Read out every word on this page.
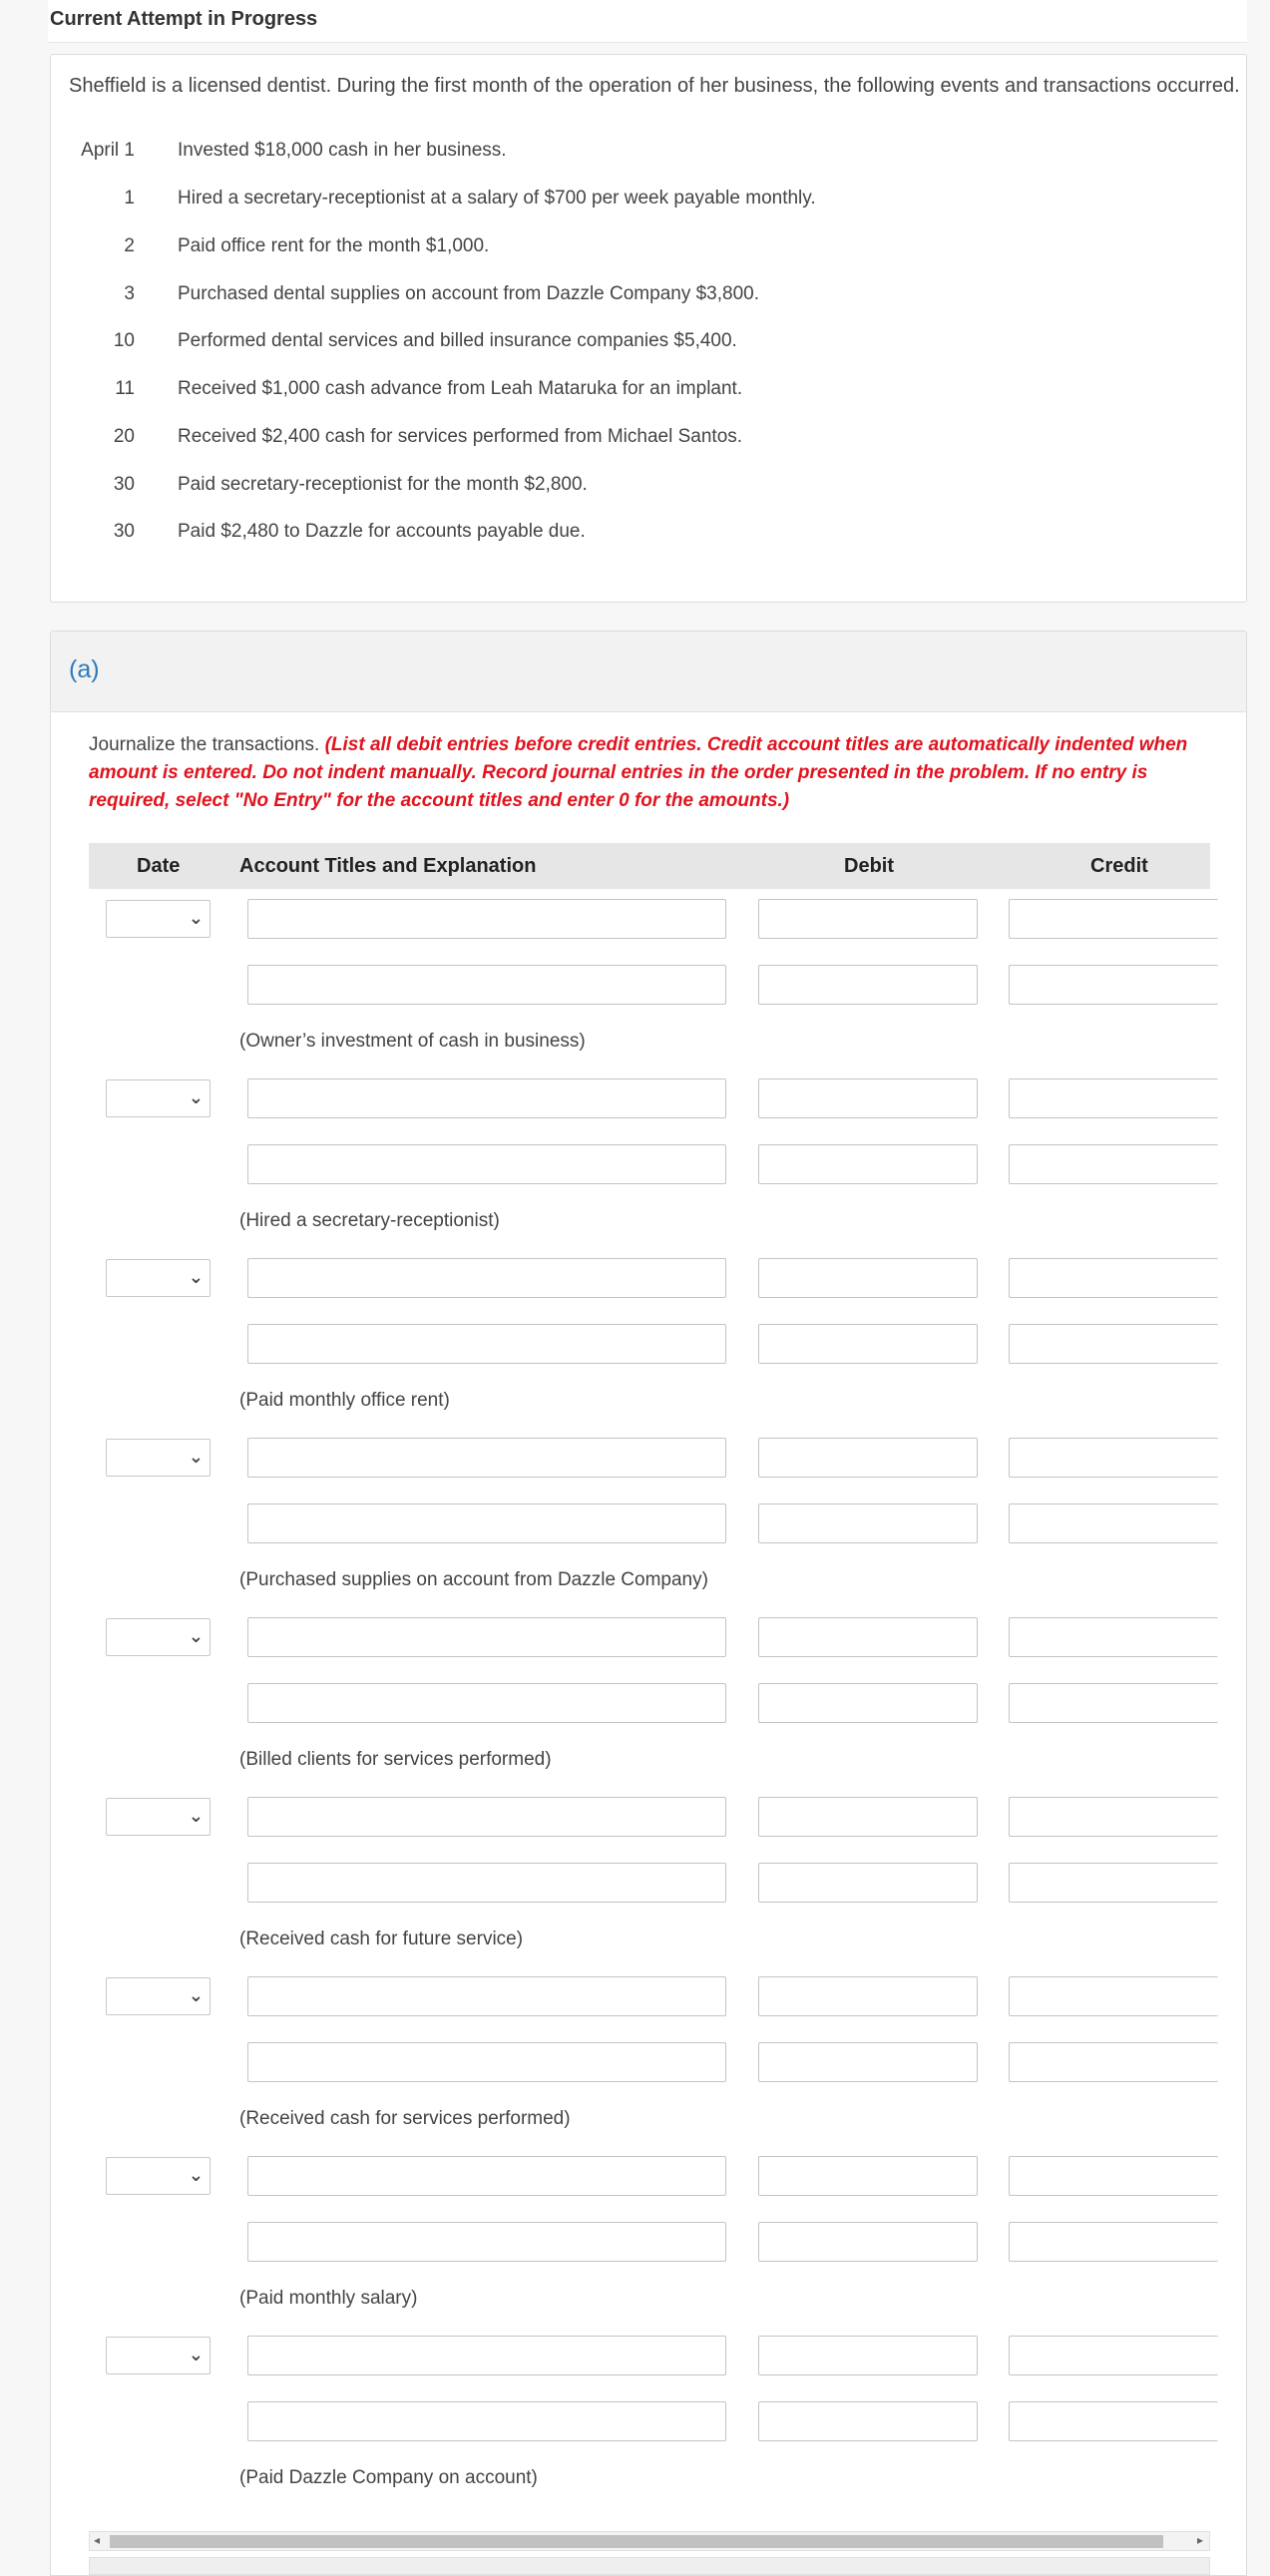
Current Attempt in Progress
Sheffield is a licensed dentist. During the first month of the operation of her business, the following events and transactions occurred.
April 1 Invested $18,000 cash in her business.
1 Hired a secretary-receptionist at a salary of $700 per week payable monthly.
2 Paid office rent for the month $1,000.
3 Purchased dental supplies on account from Dazzle Company $3,800.
10 Performed dental services and billed insurance companies $5,400.
11 Received $1,000 cash advance from Leah Mataruka for an implant.
20 Received $2,400 cash for services performed from Michael Santos.
30 Paid secretary-receptionist for the month $2,800.
30 Paid $2,480 to Dazzle for accounts payable due.
(a)
Journalize the transactions. (List all debit entries before credit entries. Credit account titles are automatically indented when amount is entered. Do not indent manually. Record journal entries in the order presented in the problem. If no entry is required, select "No Entry" for the account titles and enter 0 for the amounts.)
Date	Account Titles and Explanation	Debit	Credit
⌄
(Owner’s investment of cash in business)
⌄
(Hired a secretary-receptionist)
⌄
(Paid monthly office rent)
⌄
(Purchased supplies on account from Dazzle Company)
⌄
(Billed clients for services performed)
⌄
(Received cash for future service)
⌄
(Received cash for services performed)
⌄
(Paid monthly salary)
⌄
(Paid Dazzle Company on account)
◂	▸
